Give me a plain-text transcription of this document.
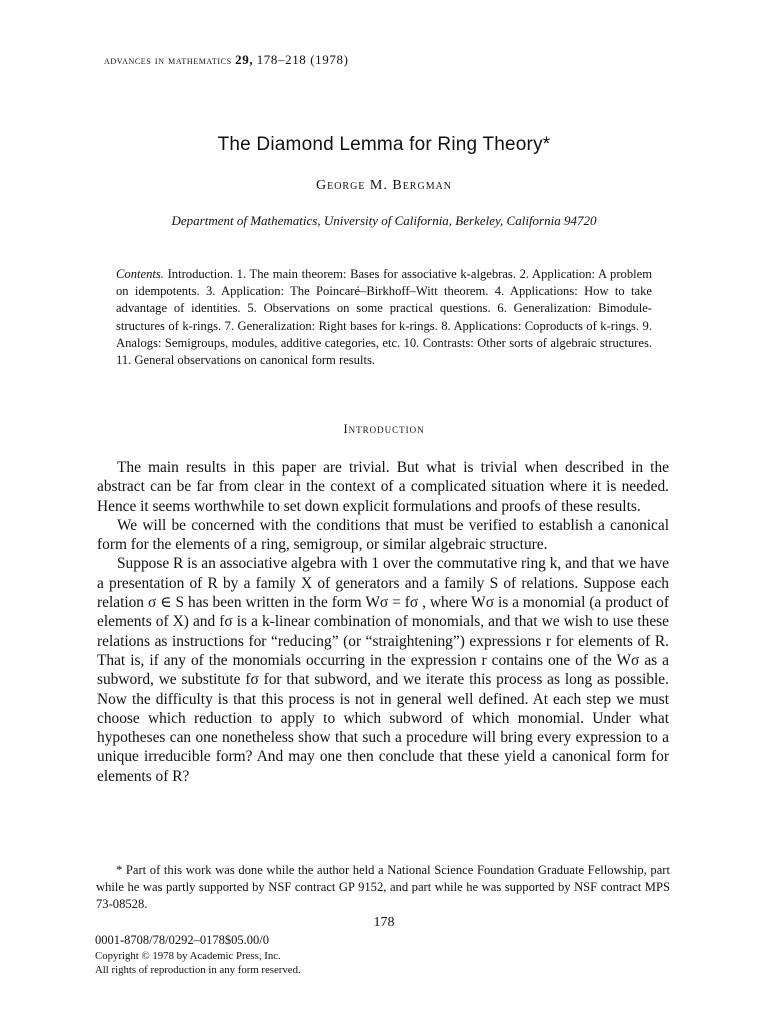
advances in mathematics 29, 178–218 (1978)
The Diamond Lemma for Ring Theory*
George M. Bergman
Department of Mathematics, University of California, Berkeley, California 94720
Contents. Introduction. 1. The main theorem: Bases for associative k-algebras. 2. Application: A problem on idempotents. 3. Application: The Poincaré–Birkhoff–Witt theorem. 4. Applications: How to take advantage of identities. 5. Observations on some practical questions. 6. Generalization: Bimodule-structures of k-rings. 7. Generalization: Right bases for k-rings. 8. Applications: Coproducts of k-rings. 9. Analogs: Semigroups, modules, additive categories, etc. 10. Contrasts: Other sorts of algebraic structures. 11. General observations on canonical form results.
Introduction

The main results in this paper are trivial. But what is trivial when described in the abstract can be far from clear in the context of a complicated situation where it is needed. Hence it seems worthwhile to set down explicit formulations and proofs of these results.

We will be concerned with the conditions that must be verified to establish a canonical form for the elements of a ring, semigroup, or similar algebraic structure.

Suppose R is an associative algebra with 1 over the commutative ring k, and that we have a presentation of R by a family X of generators and a family S of relations. Suppose each relation σ ∈ S has been written in the form Wσ = fσ , where Wσ is a monomial (a product of elements of X) and fσ is a k-linear combination of monomials, and that we wish to use these relations as instructions for “reducing” (or “straightening”) expressions r for elements of R. That is, if any of the monomials occurring in the expression r contains one of the Wσ as a subword, we substitute fσ for that subword, and we iterate this process as long as possible. Now the difficulty is that this process is not in general well defined. At each step we must choose which reduction to apply to which subword of which monomial. Under what hypotheses can one nonetheless show that such a procedure will bring every expression to a unique irreducible form? And may one then conclude that these yield a canonical form for elements of R?

* Part of this work was done while the author held a National Science Foundation Graduate Fellowship, part while he was partly supported by NSF contract GP 9152, and part while he was supported by NSF contract MPS 73-08528.

178
0001-8708/78/0292–0178$05.00/0
Copyright © 1978 by Academic Press, Inc.
All rights of reproduction in any form reserved.
